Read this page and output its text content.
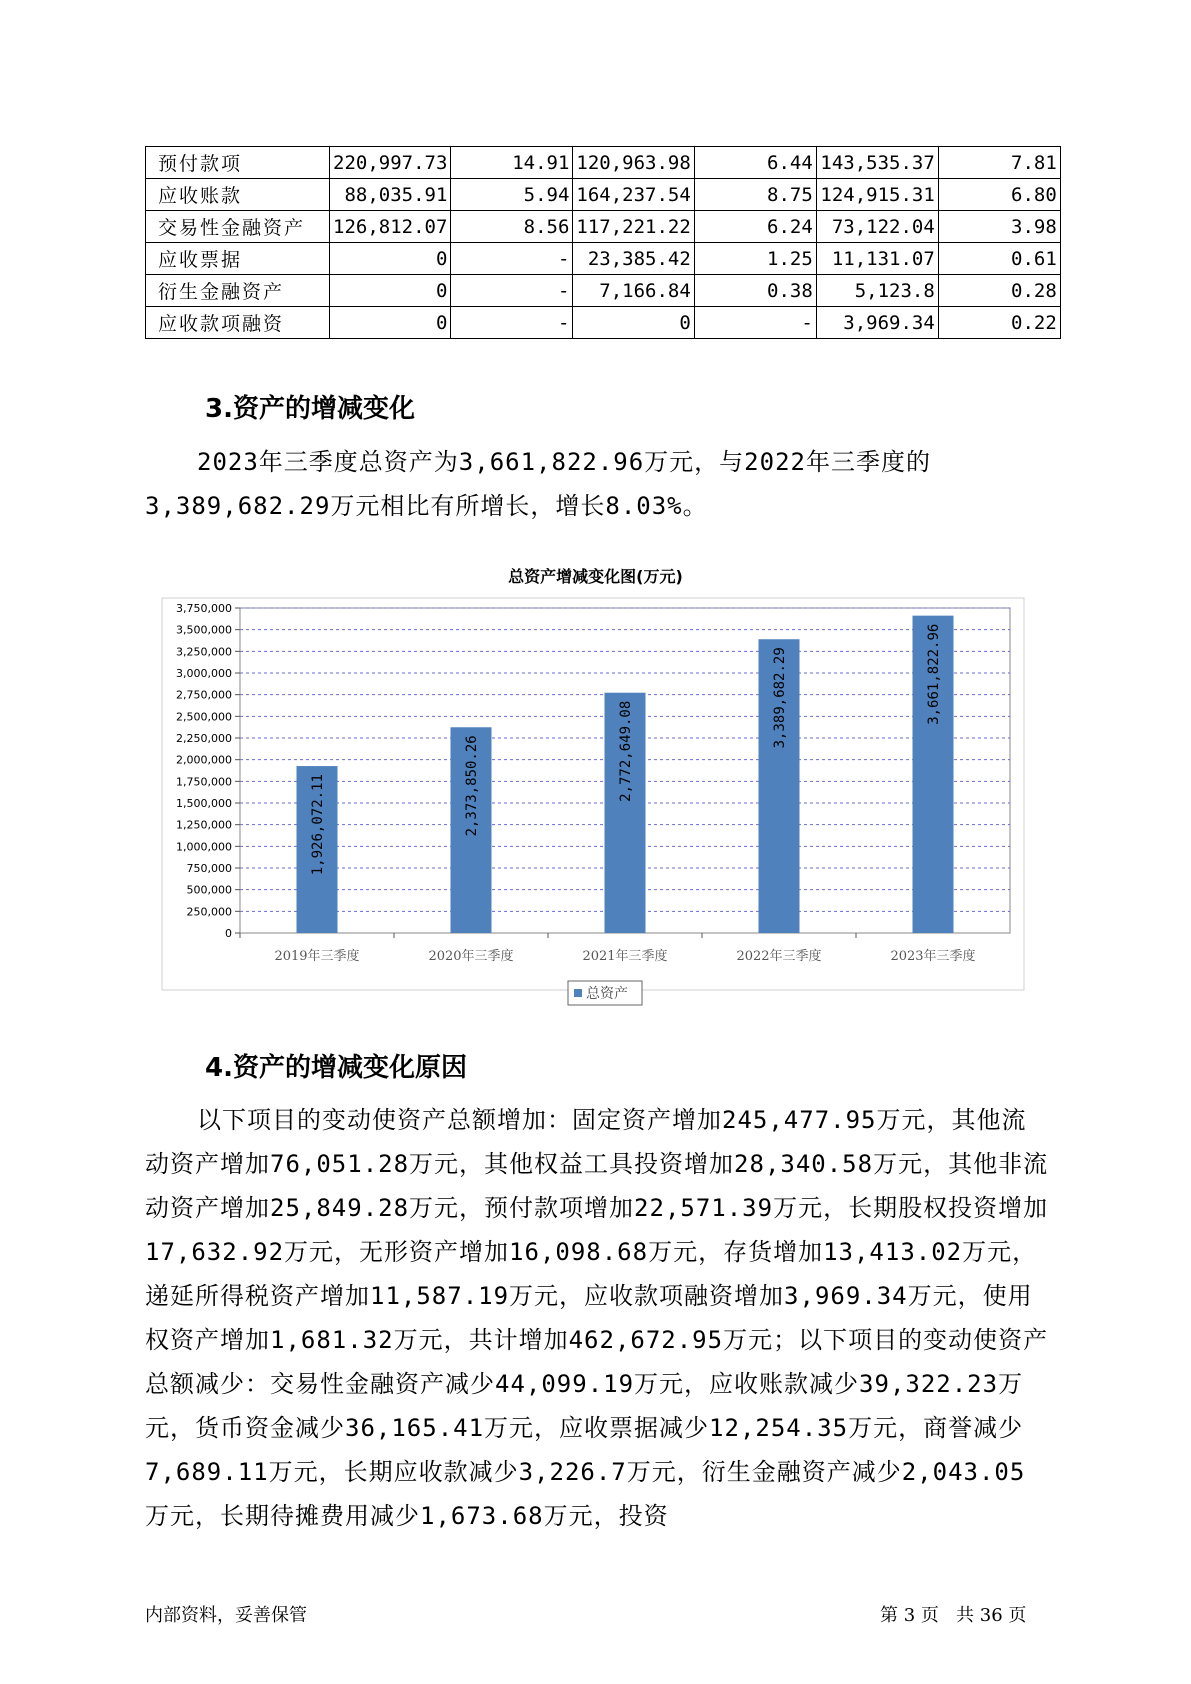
预付款项	220,997.73	14.91	120,963.98	6.44	143,535.37	7.81
应收账款	88,035.91	5.94	164,237.54	8.75	124,915.31	6.80
交易性金融资产	126,812.07	8.56	117,221.22	6.24	73,122.04	3.98
应收票据	0	-	23,385.42	1.25	11,131.07	0.61
衍生金融资产	0	-	7,166.84	0.38	5,123.8	0.28
应收款项融资	0	-	0	-	3,969.34	0.22
3.资产的增减变化

2023年三季度总资产为3,661,822.96万元，与2022年三季度的3,389,682.29万元相比有所增长，增长8.03%。

总资产增减变化图(万元)
0
250,000
500,000
750,000
1,000,000
1,250,000
1,500,000
1,750,000
2,000,000
2,250,000
2,500,000
2,750,000
3,000,000
3,250,000
3,500,000
3,750,000
1,926,072.11
2019年三季度
2,373,850.26
2020年三季度
2,772,649.08
2021年三季度
3,389,682.29
2022年三季度
3,661,822.96
2023年三季度
总资产
4.资产的增减变化原因

以下项目的变动使资产总额增加：固定资产增加245,477.95万元，其他流动资产增加76,051.28万元，其他权益工具投资增加28,340.58万元，其他非流动资产增加25,849.28万元，预付款项增加22,571.39万元，长期股权投资增加17,632.92万元，无形资产增加16,098.68万元，存货增加13,413.02万元，递延所得税资产增加11,587.19万元，应收款项融资增加3,969.34万元，使用权资产增加1,681.32万元，共计增加462,672.95万元；以下项目的变动使资产总额减少：交易性金融资产减少44,099.19万元，应收账款减少39,322.23万元，货币资金减少36,165.41万元，应收票据减少12,254.35万元，商誉减少7,689.11万元，长期应收款减少3,226.7万元，衍生金融资产减少2,043.05万元，长期待摊费用减少1,673.68万元，投资

内部资料，妥善保管	第 3 页   共 36 页
